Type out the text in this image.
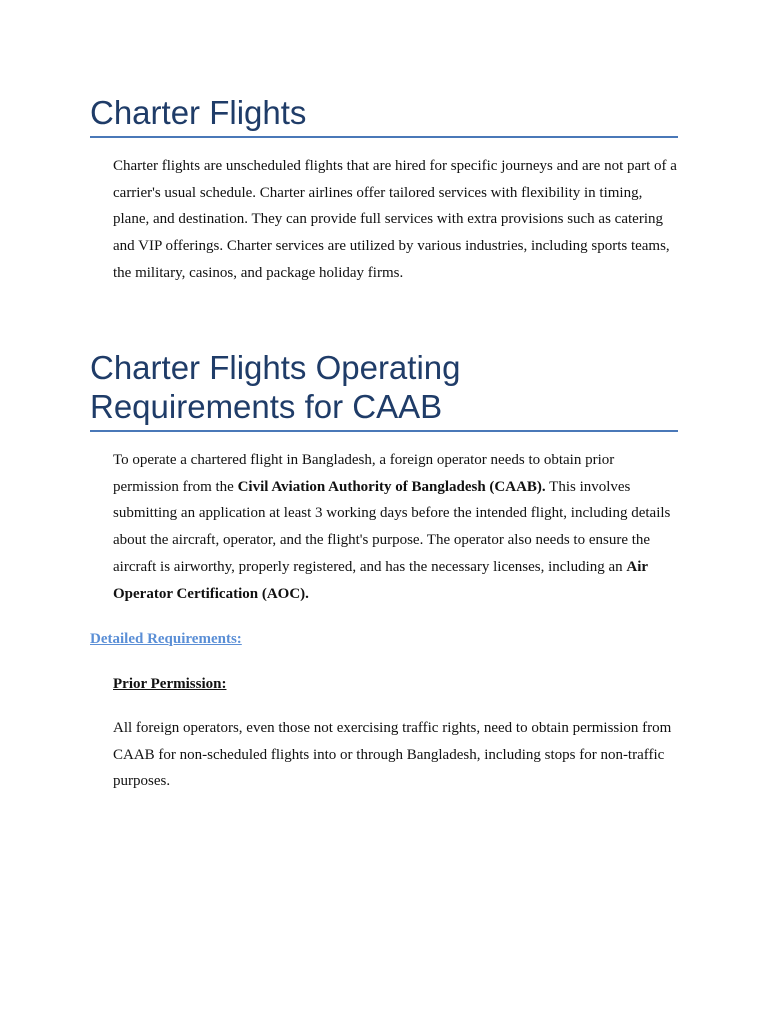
Charter Flights

Charter flights are unscheduled flights that are hired for specific journeys and are not part of a carrier's usual schedule. Charter airlines offer tailored services with flexibility in timing, plane, and destination. They can provide full services with extra provisions such as catering and VIP offerings. Charter services are utilized by various industries, including sports teams, the military, casinos, and package holiday firms.

Charter Flights Operating
Requirements for CAAB

To operate a chartered flight in Bangladesh, a foreign operator needs to obtain prior permission from the Civil Aviation Authority of Bangladesh (CAAB). This involves submitting an application at least 3 working days before the intended flight, including details about the aircraft, operator, and the flight's purpose. The operator also needs to ensure the aircraft is airworthy, properly registered, and has the necessary licenses, including an Air Operator Certification (AOC).

Detailed Requirements:

Prior Permission:

All foreign operators, even those not exercising traffic rights, need to obtain permission from CAAB for non-scheduled flights into or through Bangladesh, including stops for non-traffic purposes.
